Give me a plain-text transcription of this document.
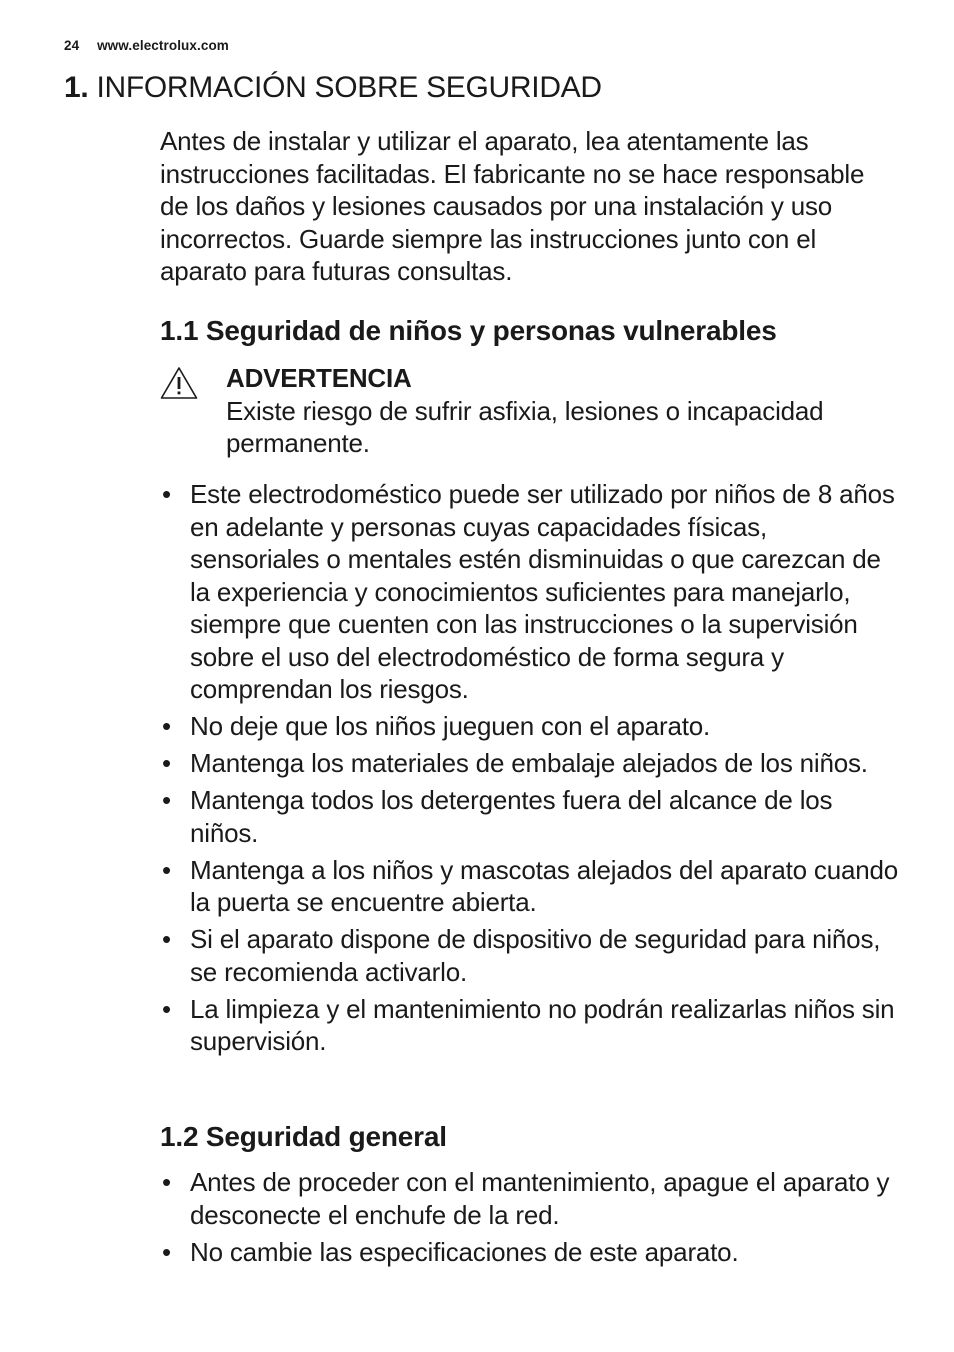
24 www.electrolux.com
1. INFORMACIÓN SOBRE SEGURIDAD

Antes de instalar y utilizar el aparato, lea atentamente las instrucciones facilitadas. El fabricante no se hace responsable de los daños y lesiones causados por una instalación y uso incorrectos. Guarde siempre las instrucciones junto con el aparato para futuras consultas.

1.1 Seguridad de niños y personas vulnerables
ADVERTENCIA
Existe riesgo de sufrir asfixia, lesiones o incapacidad permanente.
• Este electrodoméstico puede ser utilizado por niños de 8 años en adelante y personas cuyas capacidades físicas, sensoriales o mentales estén disminuidas o que carezcan de la experiencia y conocimientos suficientes para manejarlo, siempre que cuenten con las instrucciones o la supervisión sobre el uso del electrodoméstico de forma segura y comprendan los riesgos.
• No deje que los niños jueguen con el aparato.
• Mantenga los materiales de embalaje alejados de los niños.
• Mantenga todos los detergentes fuera del alcance de los niños.
• Mantenga a los niños y mascotas alejados del aparato cuando la puerta se encuentre abierta.
• Si el aparato dispone de dispositivo de seguridad para niños, se recomienda activarlo.
• La limpieza y el mantenimiento no podrán realizarlas niños sin supervisión.
1.2 Seguridad general
• Antes de proceder con el mantenimiento, apague el aparato y desconecte el enchufe de la red.
• No cambie las especificaciones de este aparato.
